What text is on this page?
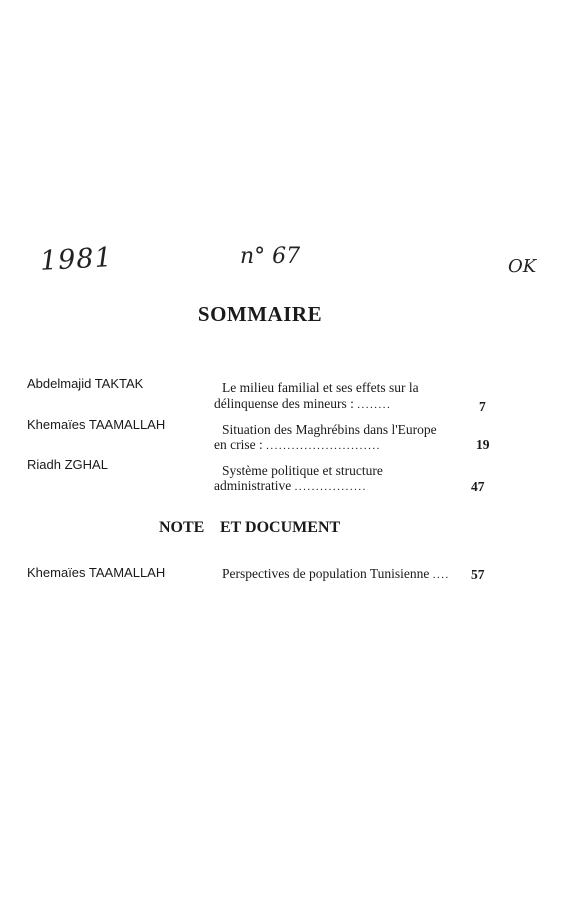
1981	n° 67	OK
SOMMAIRE
Abdelmajid TAKTAK	Le milieu familial et ses effets sur la
délinquense des mineurs : ........	7
Khemaïes TAAMALLAH	Situation des Maghrébins dans l'Europe
en crise : ...........................	19
Riadh ZGHAL	Système politique et structure
administrative .................	47
NOTE ET DOCUMENT
Khemaïes TAAMALLAH	Perspectives de population Tunisienne .... 57
